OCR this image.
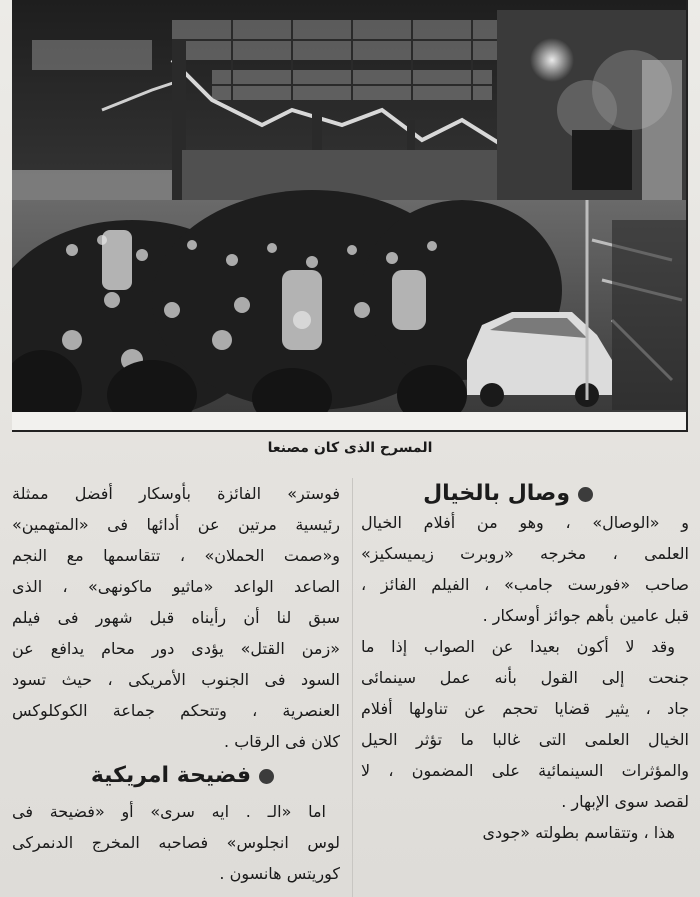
المسرح الذى كان مصنعا
وصال بالخيال
و «الوصال» ، وهو من أفلام الخيال
العلمى ، مخرجه «روبرت زيميسكيز»
صاحب «فورست جامب» ، الفيلم الفائز ،
قبل عامين بأهم جوائز أوسكار .
وقد لا أكون بعيدا عن الصواب إذا ما
جنحت إلى القول بأنه عمل سينمائى
جاد ، يثير قضايا تحجم عن تناولها أفلام
الخيال العلمى التى غالبا ما تؤثر الحيل
والمؤثرات السينمائية على المضمون ، لا
لقصد سوى الإبهار .
هذا ، وتتقاسم بطولته «جودى
فوستر» الفائزة بأوسكار أفضل ممثلة
رئيسية مرتين عن أدائها فى «المتهمين»
و«صمت الحملان» ، تتقاسمها مع النجم
الصاعد الواعد «ماثيو ماكونهى» ، الذى
سبق لنا أن رأيناه قبل شهور فى فيلم
«زمن القتل» يؤدى دور محام يدافع عن
السود فى الجنوب الأمريكى ، حيث تسود
العنصرية ، وتتحكم جماعة الكوكلوكس
كلان فى الرقاب .
فضيحة امريكية
اما «الـ . ايه سرى» أو «فضيحة فى
لوس انجلوس» فصاحبه المخرج الدنمركى
كوريتس هانسون .
